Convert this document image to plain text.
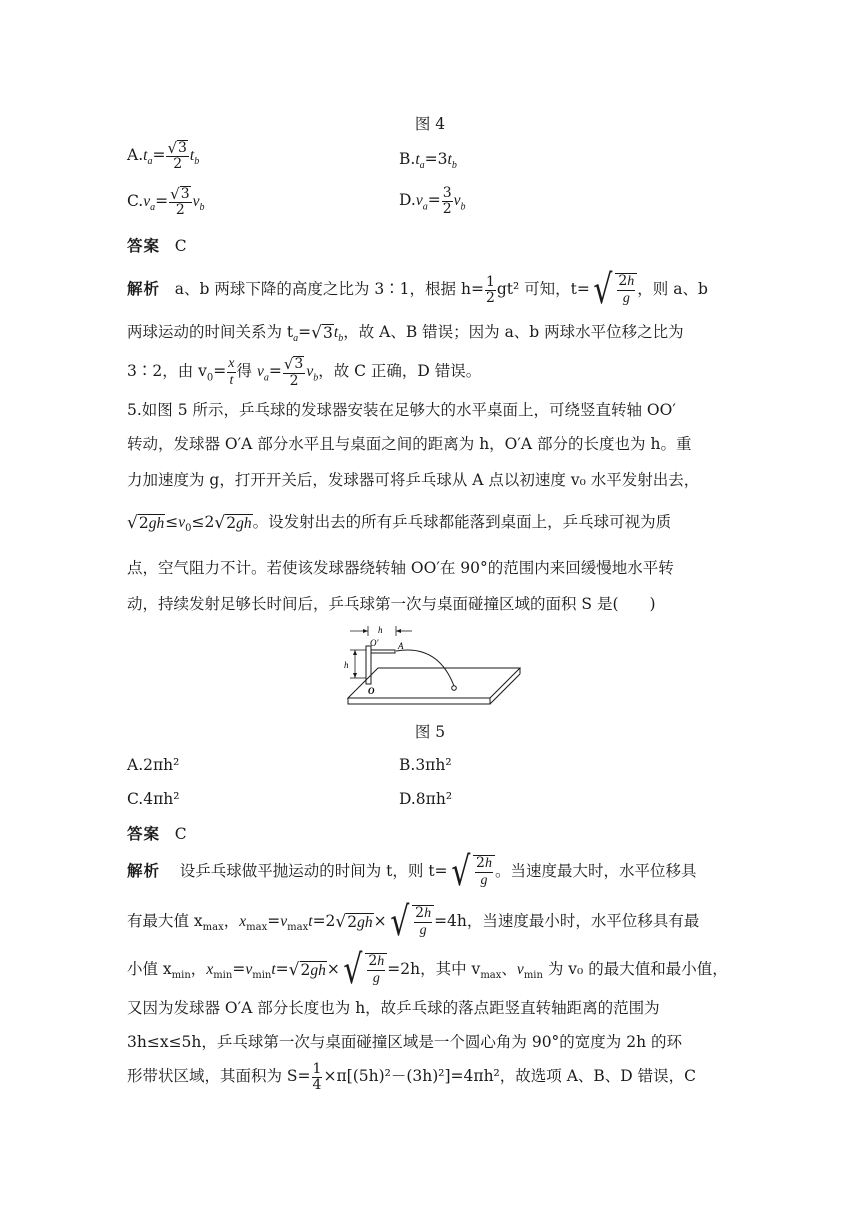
图 4
$A.t_a= \frac{√3}{2} t_b$	$B.t_a=3t_b$
$C.v_a= \frac{√3}{2} v_b$	$D.v_a= \frac{3}{2} v_b$
答案 C
解析 a、b 两球下降的高度之比为 3∶1，根据 $h= \frac{1}{2} gt^2$ 可知，$t=√ \frac{2h}{g}$ ，则 a、b
两球运动的时间关系为 $t_a=√3t_b$，故 A、B 错误；因为 a、b 两球水平位移之比为
3∶2，由 $v_0= \frac{x}{t}$ 得 $v_a= \frac{√3}{2} v_b$，故 C 正确，D 错误。
5.如图 5 所示，乒乓球的发球器安装在足够大的水平桌面上，可绕竖直转轴 OO′
转动，发球器 O′A 部分水平且与桌面之间的距离为 h，O′A 部分的长度也为 h。重
力加速度为 g，打开开关后，发球器可将乒乓球从 A 点以初速度 v₀ 水平发射出去，
$√2gh\le v_0\le 2√2gh$。设发射出去的所有乒乓球都能落到桌面上，乒乓球可视为质
点，空气阻力不计。若使该发球器绕转轴 OO′在 90°的范围内来回缓慢地水平转
动，持续发射足够长时间后，乒乓球第一次与桌面碰撞区域的面积 S 是(　　)
h
O′ A
h
O
图 5
A.2πh²	B.3πh²
C.4πh²	D.8πh²
答案 C
解析 设乒乓球做平抛运动的时间为 t，则 $t=√ \frac{2h}{g}$ 。当速度最大时，水平位移具
有最大值 $x_{max}$，$x_{max}=v_{max}t=2√2gh\times√ \frac{2h}{g} =4h$，当速度最小时，水平位移具有最
小值 $x_{min}$，$x_{min}=v_{min}t=√2gh\times√ \frac{2h}{g} =2h$，其中 $v_{max}$、$v_{min}$ 为 v₀ 的最大值和最小值，
又因为发球器 O′A 部分长度也为 h，故乒乓球的落点距竖直转轴距离的范围为
3h≤x≤5h，乒乓球第一次与桌面碰撞区域是一个圆心角为 90°的宽度为 2h 的环
形带状区域，其面积为 $S= \frac{1}{4} \times\pi[(5h)^2-(3h)^2]=4\pi h^2$，故选项 A、B、D 错误，C
